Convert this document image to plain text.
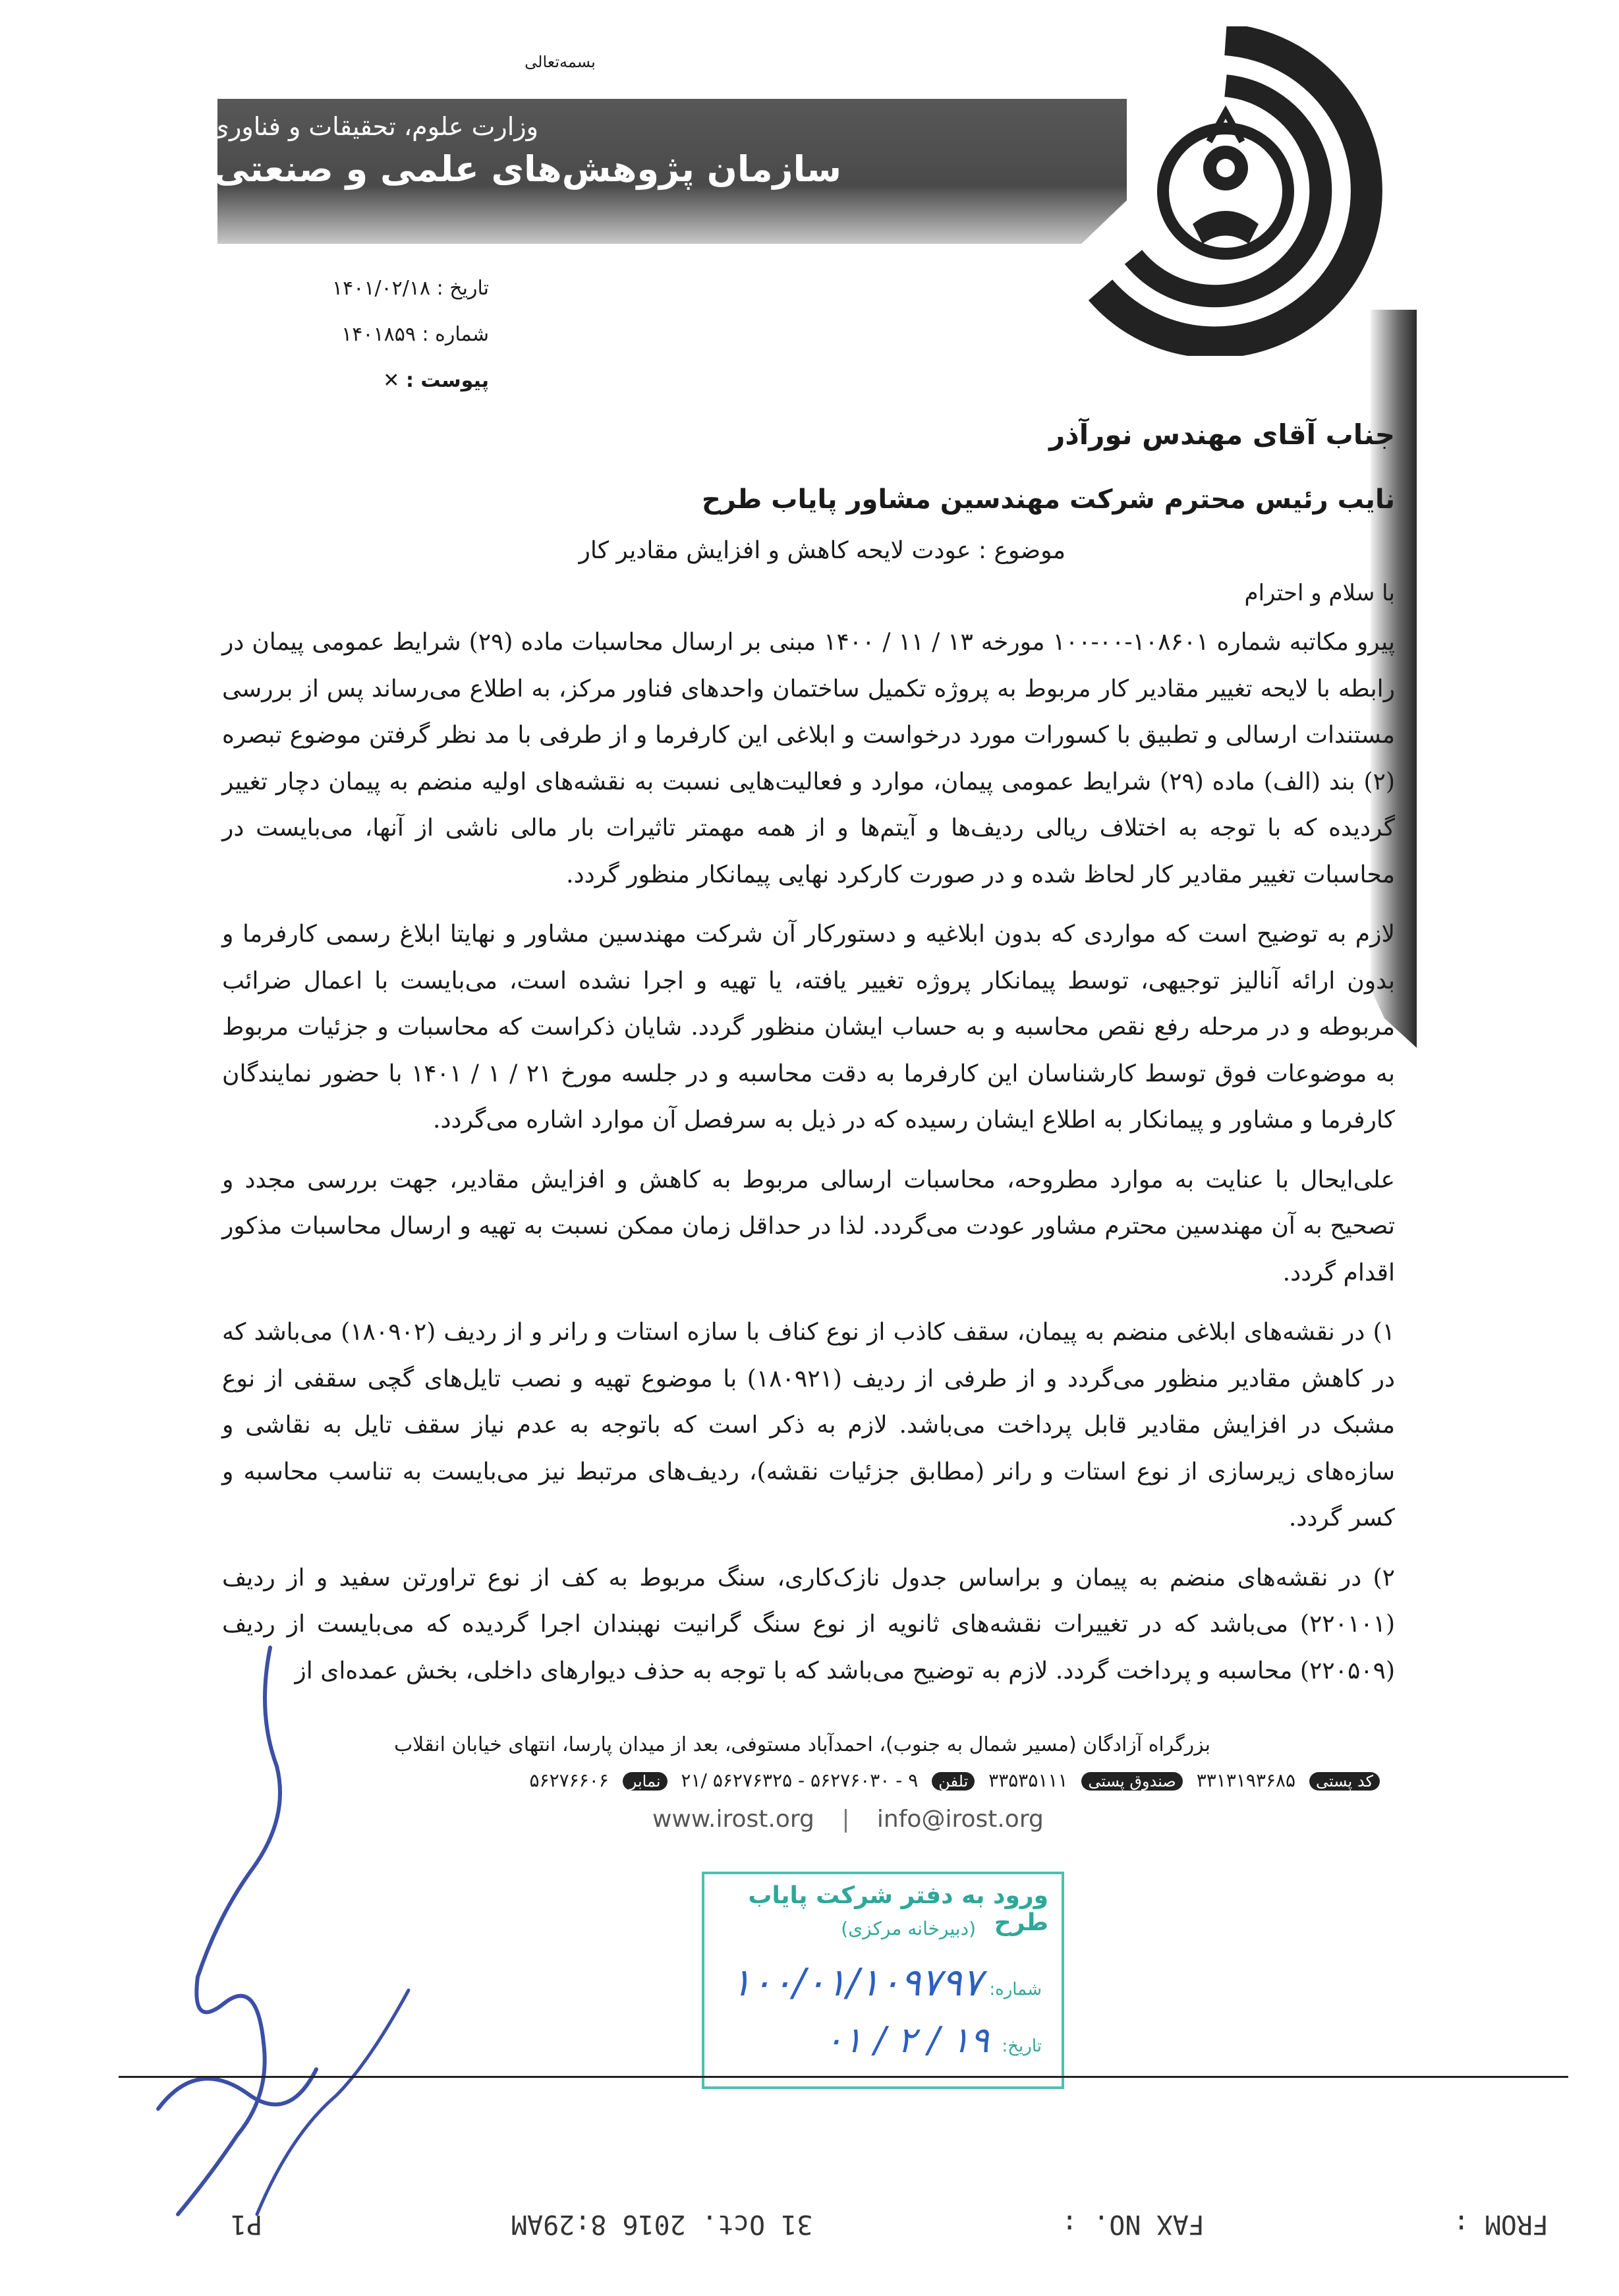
بسمه‌تعالی
وزارت علوم، تحقیقات و فناوری
سازمان پژوهش‌های علمی و صنعتی ایران
تاریخ : ۱۴۰۱/۰۲/۱۸
شماره : ۱۴۰۱۸۵۹
پیوست : ✕
جناب آقای مهندس نورآذر
نایب رئیس محترم شرکت مهندسین مشاور پایاب طرح
موضوع : عودت لایحه کاهش و افزایش مقادیر کار
با سلام و احترام

پیرو مکاتبه شماره ۱۰۸۶۰۱-۰۰-۱۰۰ مورخه ۱۳ / ۱۱ / ۱۴۰۰ مبنی بر ارسال محاسبات ماده (۲۹) شرایط عمومی پیمان در رابطه با لایحه تغییر مقادیر کار مربوط به پروژه تکمیل ساختمان واحدهای فناور مرکز، به اطلاع می‌رساند پس از بررسی مستندات ارسالی و تطبیق با کسورات مورد درخواست و ابلاغی این کارفرما و از طرفی با مد نظر گرفتن موضوع تبصره (۲) بند (الف) ماده (۲۹) شرایط عمومی پیمان، موارد و فعالیت‌هایی نسبت به نقشه‌های اولیه منضم به پیمان دچار تغییر گردیده که با توجه به اختلاف ریالی ردیف‌ها و آیتم‌ها و از همه مهمتر تاثیرات بار مالی ناشی از آنها، می‌بایست در محاسبات تغییر مقادیر کار لحاظ شده و در صورت کارکرد نهایی پیمانکار منظور گردد.

لازم به توضیح است که مواردی که بدون ابلاغیه و دستورکار آن شرکت مهندسین مشاور و نهایتا ابلاغ رسمی کارفرما و بدون ارائه آنالیز توجیهی، توسط پیمانکار پروژه تغییر یافته، یا تهیه و اجرا نشده است، می‌بایست با اعمال ضرائب مربوطه و در مرحله رفع نقص محاسبه و به حساب ایشان منظور گردد. شایان ذکراست که محاسبات و جزئیات مربوط به موضوعات فوق توسط کارشناسان این کارفرما به دقت محاسبه و در جلسه مورخ ۲۱ / ۱ / ۱۴۰۱ با حضور نمایندگان کارفرما و مشاور و پیمانکار به اطلاع ایشان رسیده که در ذیل به سرفصل آن موارد اشاره می‌گردد.

علی‌ایحال با عنایت به موارد مطروحه، محاسبات ارسالی مربوط به کاهش و افزایش مقادیر، جهت بررسی مجدد و تصحیح به آن مهندسین محترم مشاور عودت می‌گردد. لذا در حداقل زمان ممکن نسبت به تهیه و ارسال محاسبات مذکور اقدام گردد.

۱) در نقشه‌های ابلاغی منضم به پیمان، سقف کاذب از نوع کناف با سازه استات و رانر و از ردیف (۱۸۰۹۰۲) می‌باشد که در کاهش مقادیر منظور می‌گردد و از طرفی از ردیف (۱۸۰۹۲۱) با موضوع تهیه و نصب تایل‌های گچی سقفی از نوع مشبک در افزایش مقادیر قابل پرداخت می‌باشد. لازم به ذکر است که باتوجه به عدم نیاز سقف تایل به نقاشی و سازه‌های زیرسازی از نوع استات و رانر (مطابق جزئیات نقشه)، ردیف‌های مرتبط نیز می‌بایست به تناسب محاسبه و کسر گردد.

۲) در نقشه‌های منضم به پیمان و براساس جدول نازک‌کاری، سنگ مربوط به کف از نوع تراورتن سفید و از ردیف (۲۲۰۱۰۱) می‌باشد که در تغییرات نقشه‌های ثانویه از نوع سنگ گرانیت نهبندان اجرا گردیده که می‌بایست از ردیف (۲۲۰۵۰۹) محاسبه و پرداخت گردد. لازم به توضیح می‌باشد که با توجه به حذف دیوارهای داخلی، بخش عمده‌ای از

بزرگراه آزادگان (مسیر شمال به جنوب)، احمدآباد مستوفی، بعد از میدان پارسا، انتهای خیابان انقلاب
کد پستی ۳۳۱۳۱۹۳۶۸۵ صندوق پستی ۳۳۵۳۵۱۱۱ تلفن ۹ - ۵۶۲۷۶۰۳۰ - ۵۶۲۷۶۳۲۵ /۲۱ نمابر ۵۶۲۷۶۶۰۶
www.irost.org | info@irost.org
ورود به دفتر شرکت پایاب طرح
(دبیرخانه مرکزی)
شماره:
۱۰۰/۰۱/۱۰۹۷۹۷
تاریخ:
۱۹ / ۲ / ۰۱
FROM :
FAX NO. :
31 Oct. 2016 8:29AM
P1
